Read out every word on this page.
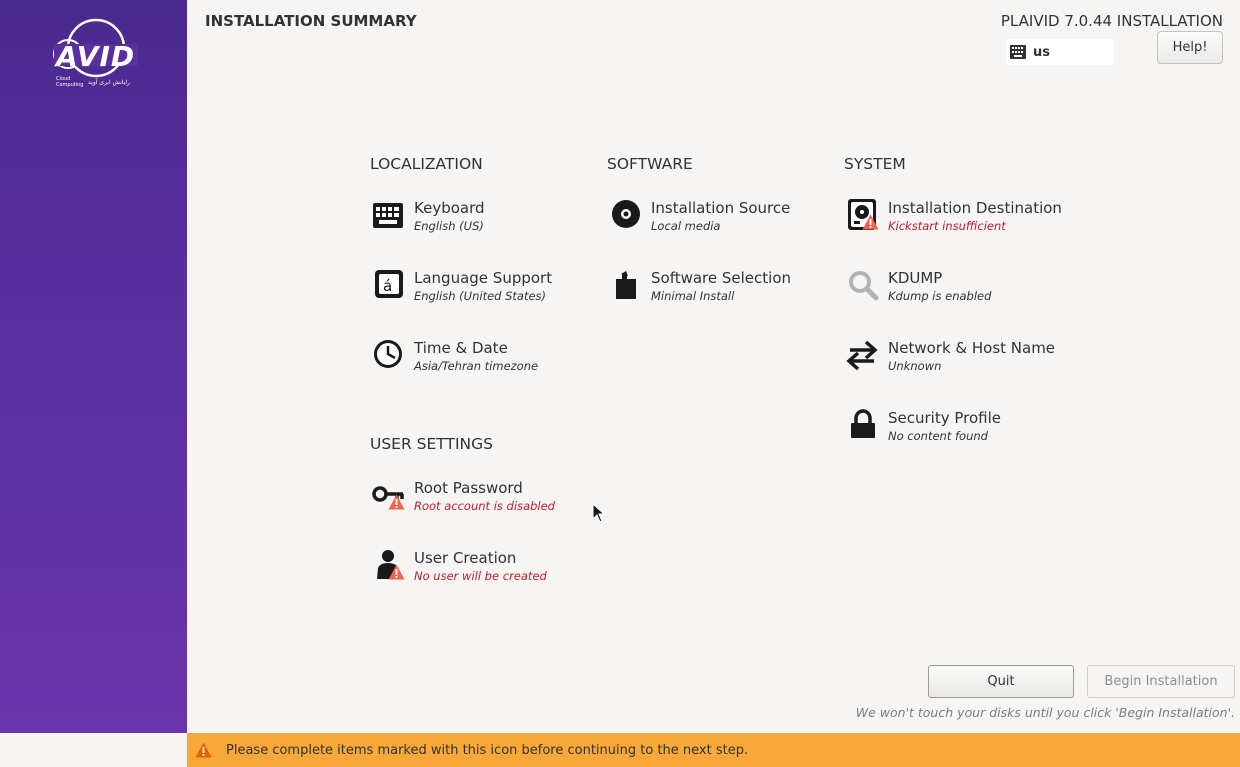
AVID
Cloud
Computing رایانش ابری آوید
INSTALLATION SUMMARY	PLAIVID 7.0.44 INSTALLATION
us	Help!
LOCALIZATION	SOFTWARE	SYSTEM
USER SETTINGS
Keyboard
English (US)
á Language Support
English (United States)
Time & Date
Asia/Tehran timezone
Installation Source
Local media
Software Selection
Minimal Install
Installation Destination
Kickstart insufficient
KDUMP
Kdump is enabled
Network & Host Name
Unknown
Security Profile
No content found
Root Password
Root account is disabled
User Creation
No user will be created
Quit	Begin Installation
We won't touch your disks until you click 'Begin Installation'.
Please complete items marked with this icon before continuing to the next step.
